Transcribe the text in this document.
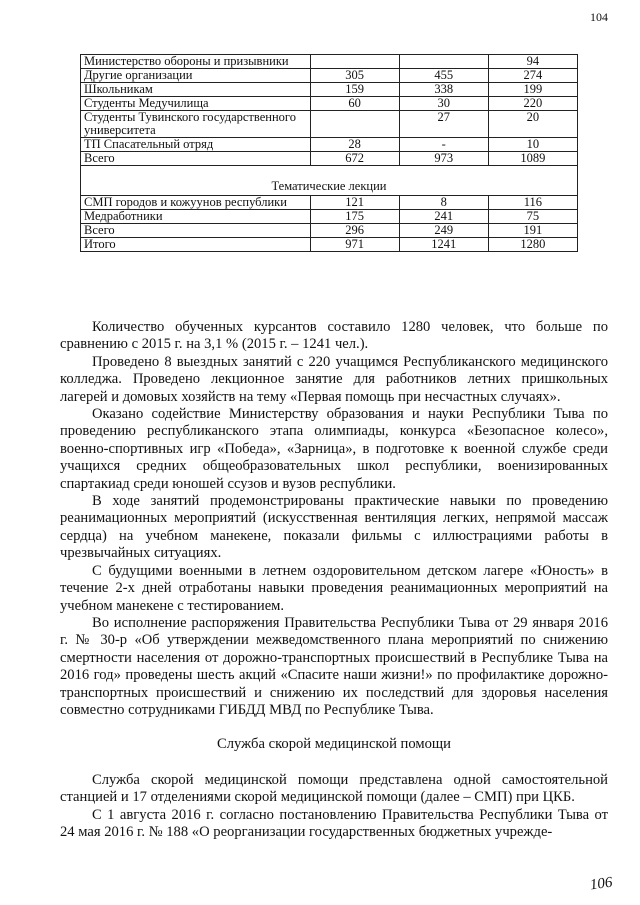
104
Министерство обороны и призывники			94
Другие организации	305	455	274
Школьникам	159	338	199
Студенты Медучилища	60	30	220
Студенты Тувинского государственного университета		27	20
ТП Спасательный отряд	28	-	10
Всего	672	973	1089
Тематические лекции			
СМП городов и кожуунов республики	121	8	116
Медработники	175	241	75
Всего	296	249	191
Итого	971	1241	1280

Количество обученных курсантов составило 1280 человек, что больше по сравнению с 2015 г. на 3,1 % (2015 г. – 1241 чел.).

Проведено 8 выездных занятий с 220 учащимся Республиканского медицинского колледжа. Проведено лекционное занятие для работников летних пришкольных лагерей и домовых хозяйств на тему «Первая помощь при несчастных случаях».

Оказано содействие Министерству образования и науки Республики Тыва по проведению республиканского этапа олимпиады, конкурса «Безопасное колесо», военно-спортивных игр «Победа», «Зарница», в подготовке к военной службе среди учащихся средних общеобразовательных школ республики, военизированных спартакиад среди юношей ссузов и вузов республики.

В ходе занятий продемонстрированы практические навыки по проведению реанимационных мероприятий (искусственная вентиляция легких, непрямой массаж сердца) на учебном манекене, показали фильмы с иллюстрациями работы в чрезвычайных ситуациях.

С будущими военными в летнем оздоровительном детском лагере «Юность» в течение 2-х дней отработаны навыки проведения реанимационных мероприятий на учебном манекене с тестированием.

Во исполнение распоряжения Правительства Республики Тыва от 29 января 2016 г. № 30-р «Об утверждении межведомственного плана мероприятий по снижению смертности населения от дорожно-транспортных происшествий в Республике Тыва на 2016 год» проведены шесть акций «Спасите наши жизни!» по профилактике дорожно-транспортных происшествий и снижению их последствий для здоровья населения совместно сотрудниками ГИБДД МВД по Республике Тыва.

Служба скорой медицинской помощи

Служба скорой медицинской помощи представлена одной самостоятельной станцией и 17 отделениями скорой медицинской помощи (далее – СМП) при ЦКБ.

С 1 августа 2016 г. согласно постановлению Правительства Республики Тыва от 24 мая 2016 г. № 188 «О реорганизации государственных бюджетных учрежде-

106
